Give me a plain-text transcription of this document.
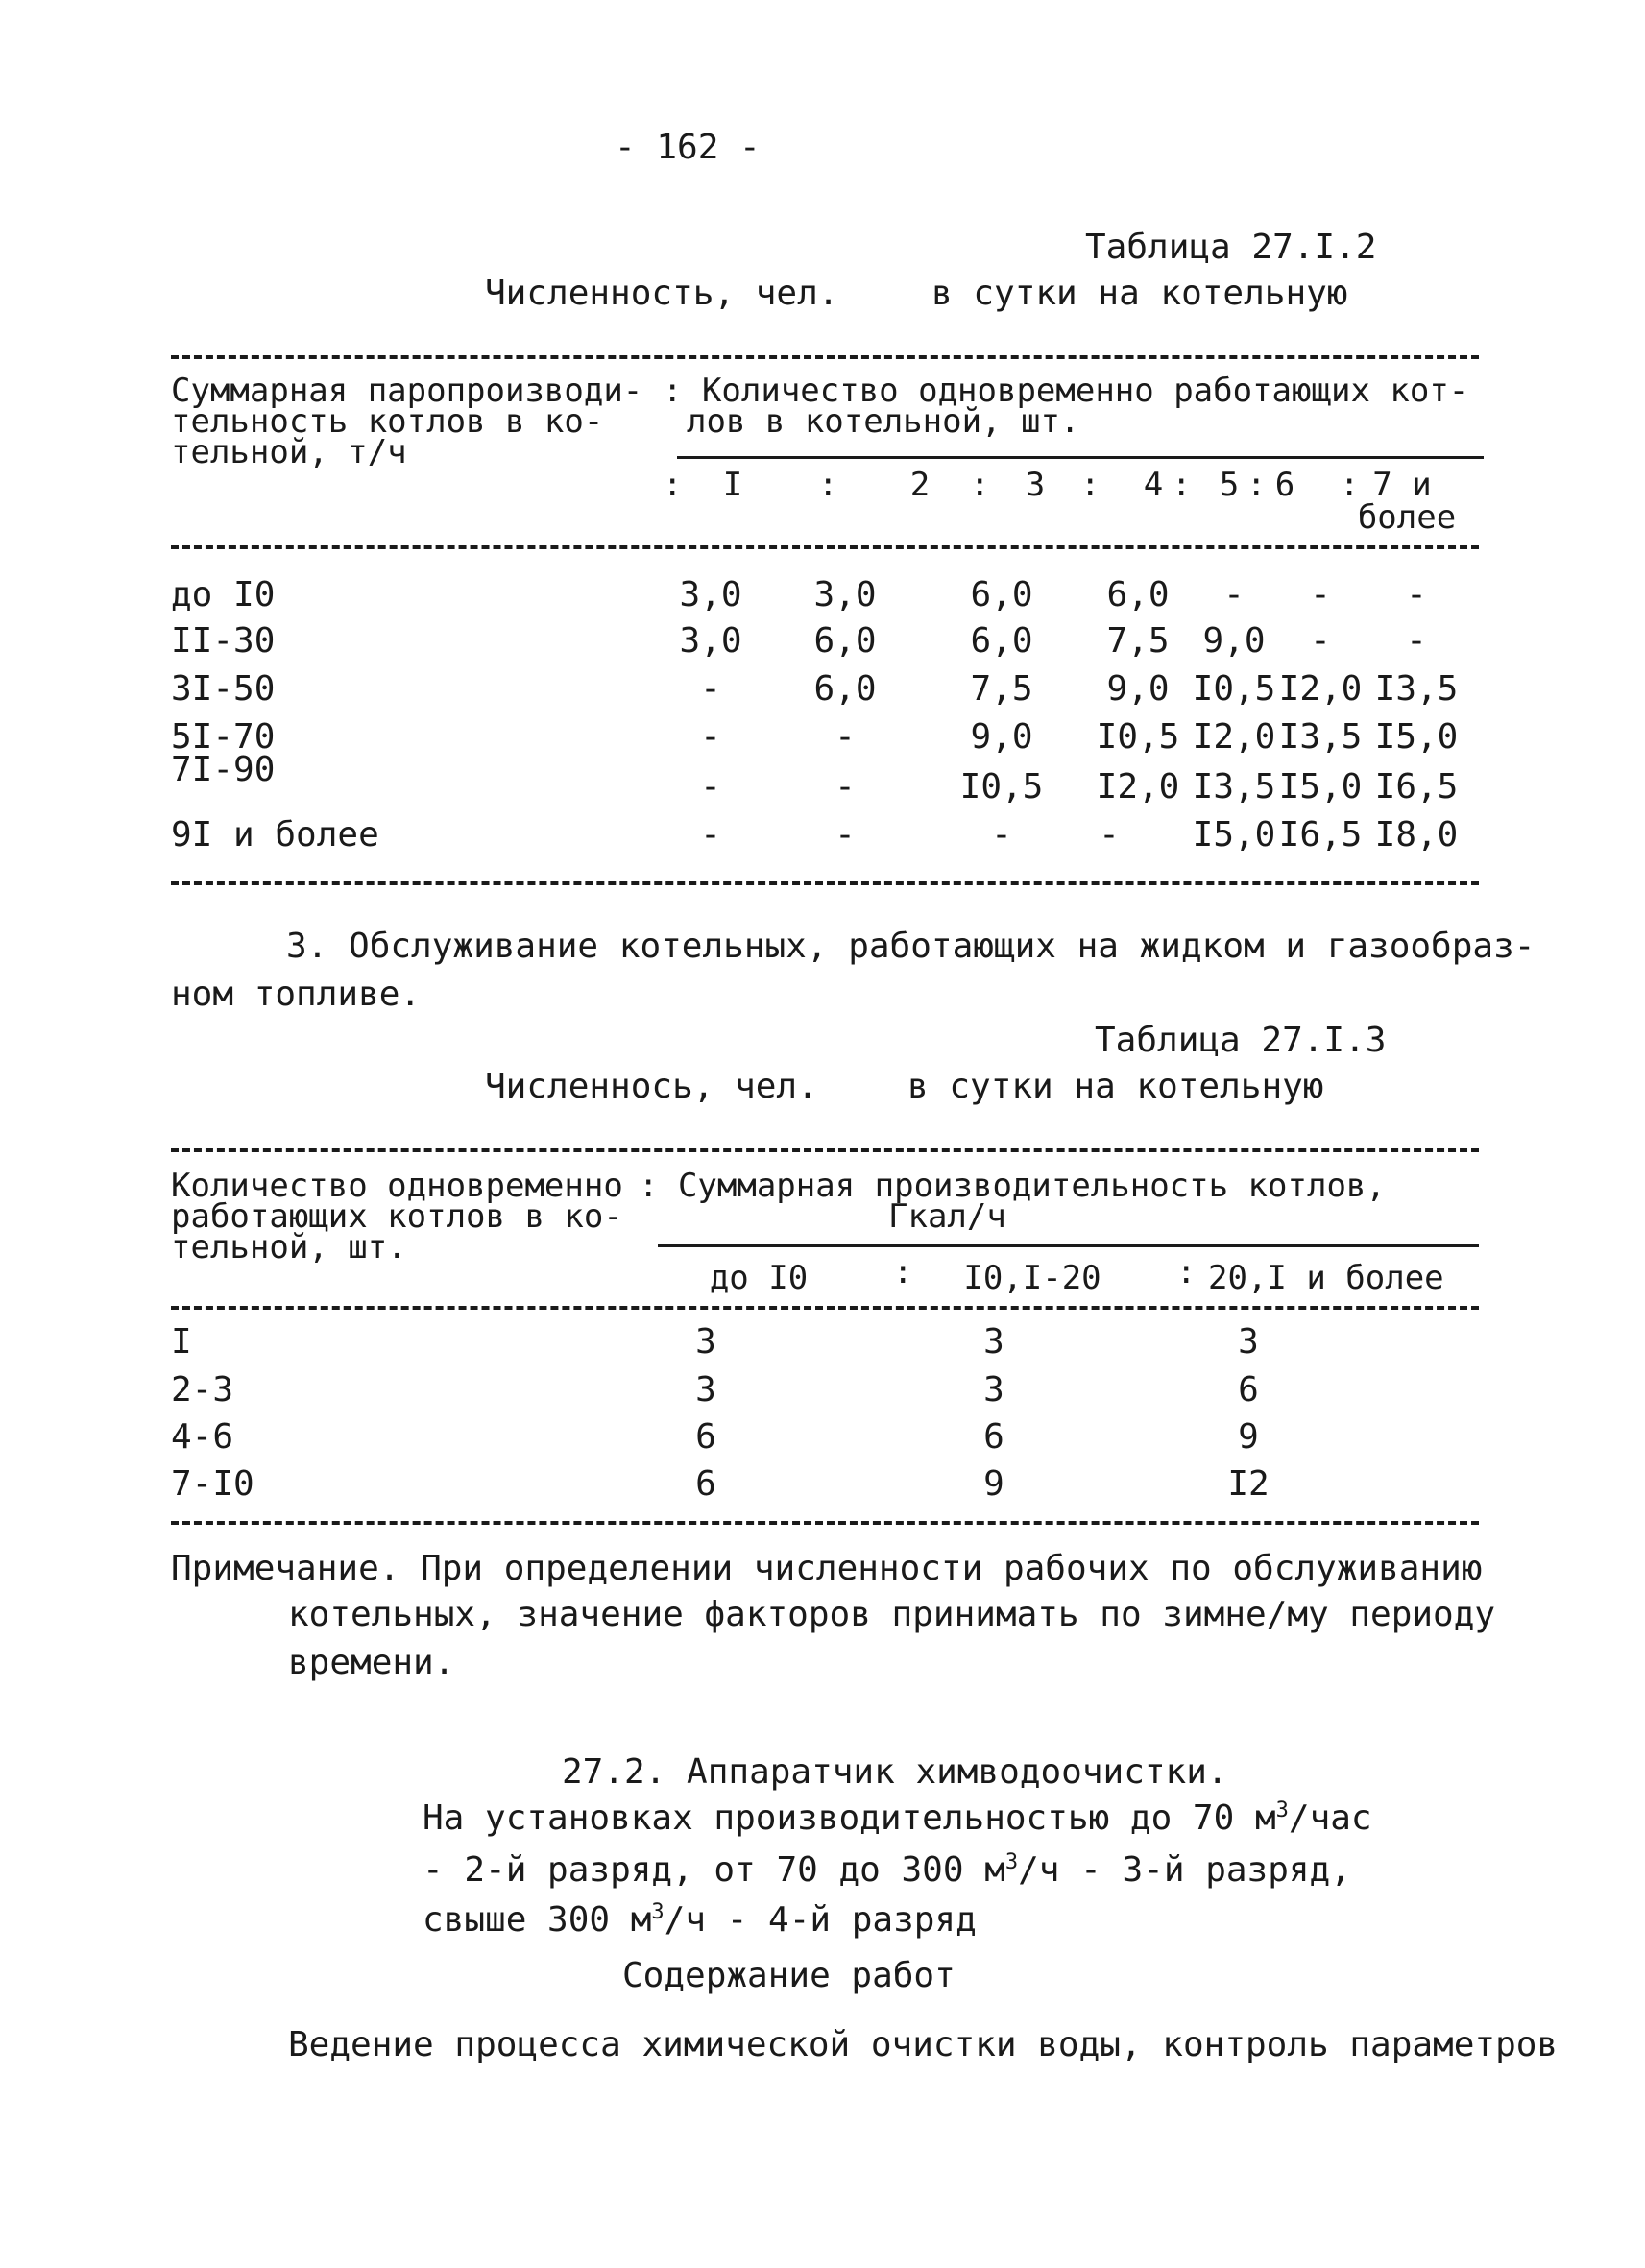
- 162 -
Таблица 27.I.2
Численность, чел.	в сутки на котельную
Суммарная паропроизводи-
тельность котлов в ко-
тельной, т/ч
: Количество одновременно работающих кот-
лов в котельной, шт.
:	I	: 2 : 3 : 4 : 5 : 6 : 7 и
более
до I0	3,0 3,0	6,0	6,0	-	-	-
II-30	3,0 6,0	6,0	7,5 9,0	-	-
3I-50	-	6,0	7,5	9,0 I0,5 I2,0 I3,5
5I-70	-	-	9,0	I0,5 I2,0 I3,5 I5,0
7I-90	-	-	I0,5 I2,0 I3,5 I5,0 I6,5
9I и более	-	-	-	-	I5,0 I6,5 I8,0
3. Обслуживание котельных, работающих на жидком и газообраз-
ном топливе.
Таблица 27.I.3
Численнось, чел.	в сутки на котельную
Количество одновременно
работающих котлов в ко-
тельной, шт.
: Суммарная производительность котлов,
Гкал/ч
до I0	:	I0,I-20	: 20,I и более
I	3	3	3
2-3	3	3	6
4-6	6	6	9
7-I0	6	9	I2
Примечание. При определении численности рабочих по обслуживанию
котельных, значение факторов принимать по зимне/му периоду
времени.
27.2. Аппаратчик химводоочистки.
На установках производительностью до 70 $м^3$/час
- 2-й разряд, от 70 до 300 $м^3/ч - 3-й$ разряд,
свыше 300 $м^3/ч - 4-й$ разряд
Содержание работ
Ведение процесса химической очистки воды, контроль параметров
